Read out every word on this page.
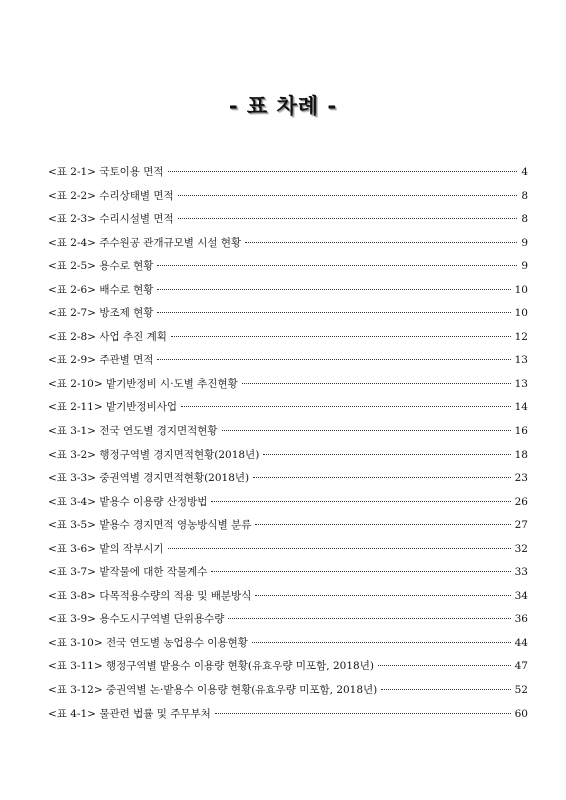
- 표 차례 -
<표 2-1> 국토이용 면적	4
<표 2-2> 수리상태별 면적	8
<표 2-3> 수리시설별 면적	8
<표 2-4> 주수원공 관개규모별 시설 현황	9
<표 2-5> 용수로 현황	9
<표 2-6> 배수로 현황	10
<표 2-7> 방조제 현황	10
<표 2-8> 사업 추진 계획	12
<표 2-9> 주관별 면적	13
<표 2-10> 밭기반정비 시·도별 추진현황	13
<표 2-11> 밭기반정비사업	14
<표 3-1> 전국 연도별 경지면적현황	16
<표 3-2> 행정구역별 경지면적현황(2018년)	18
<표 3-3> 중권역별 경지면적현황(2018년)	23
<표 3-4> 밭용수 이용량 산정방법	26
<표 3-5> 밭용수 경지면적 영농방식별 분류	27
<표 3-6> 밭의 작부시기	32
<표 3-7> 밭작물에 대한 작물계수	33
<표 3-8> 다목적용수량의 적용 및 배분방식	34
<표 3-9> 용수도시구역별 단위용수량	36
<표 3-10> 전국 연도별 농업용수 이용현황	44
<표 3-11> 행정구역별 밭용수 이용량 현황(유효우량 미포함, 2018년)	47
<표 3-12> 중권역별 논·밭용수 이용량 현황(유효우량 미포함, 2018년)	52
<표 4-1> 물관련 법률 및 주무부처	60
